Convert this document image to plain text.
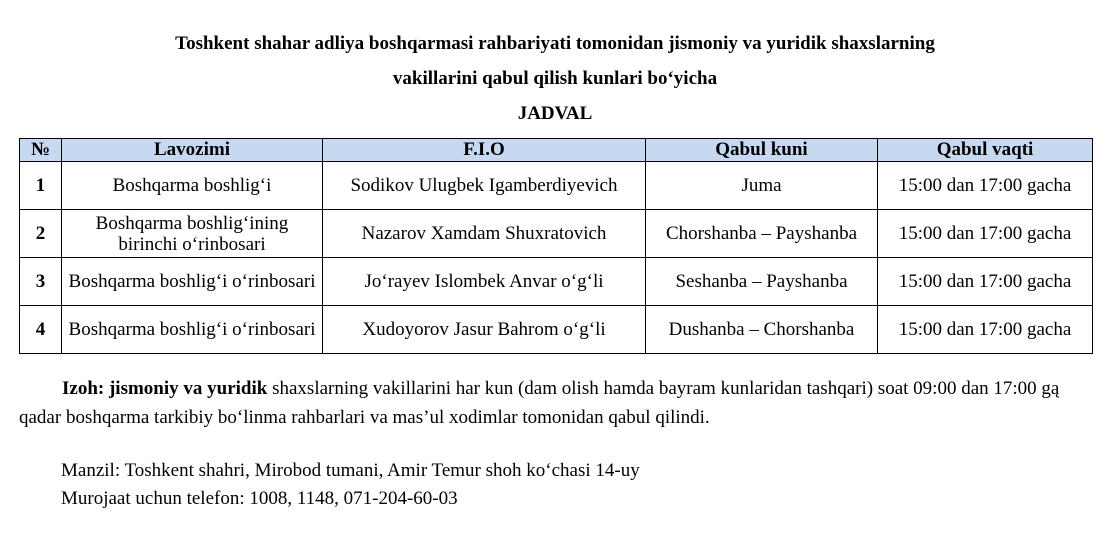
Toshkent shahar adliya boshqarmasi rahbariyati tomonidan jismoniy va yuridik shaxslarning
vakillarini qabul qilish kunlari bo‘yicha
JADVAL
№	Lavozimi	F.I.O	Qabul kuni	Qabul vaqti
1	Boshqarma boshlig‘i	Sodikov Ulugbek Igamberdiyevich	Juma	15:00 dan 17:00 gacha
2	Boshqarma boshlig‘ining birinchi o‘rinbosari	Nazarov Xamdam Shuxratovich	Chorshanba – Payshanba	15:00 dan 17:00 gacha
3	Boshqarma boshlig‘i o‘rinbosari	Jo‘rayev Islombek Anvar o‘g‘li	Seshanba – Payshanba	15:00 dan 17:00 gacha
4	Boshqarma boshlig‘i o‘rinbosari	Xudoyorov Jasur Bahrom o‘g‘li	Dushanba – Chorshanba	15:00 dan 17:00 gacha
Izoh: jismoniy va yuridik shaxslarning vakillarini har kun (dam olish hamda bayram kunlaridan tashqari) soat 09:00 dan 17:00 gą qadar boshqarma tarkibiy bo‘linma rahbarlari va mas’ul xodimlar tomonidan qabul qilindi.
Manzil: Toshkent shahri, Mirobod tumani, Amir Temur shoh ko‘chasi 14-uy
Murojaat uchun telefon: 1008, 1148, 071-204-60-03
